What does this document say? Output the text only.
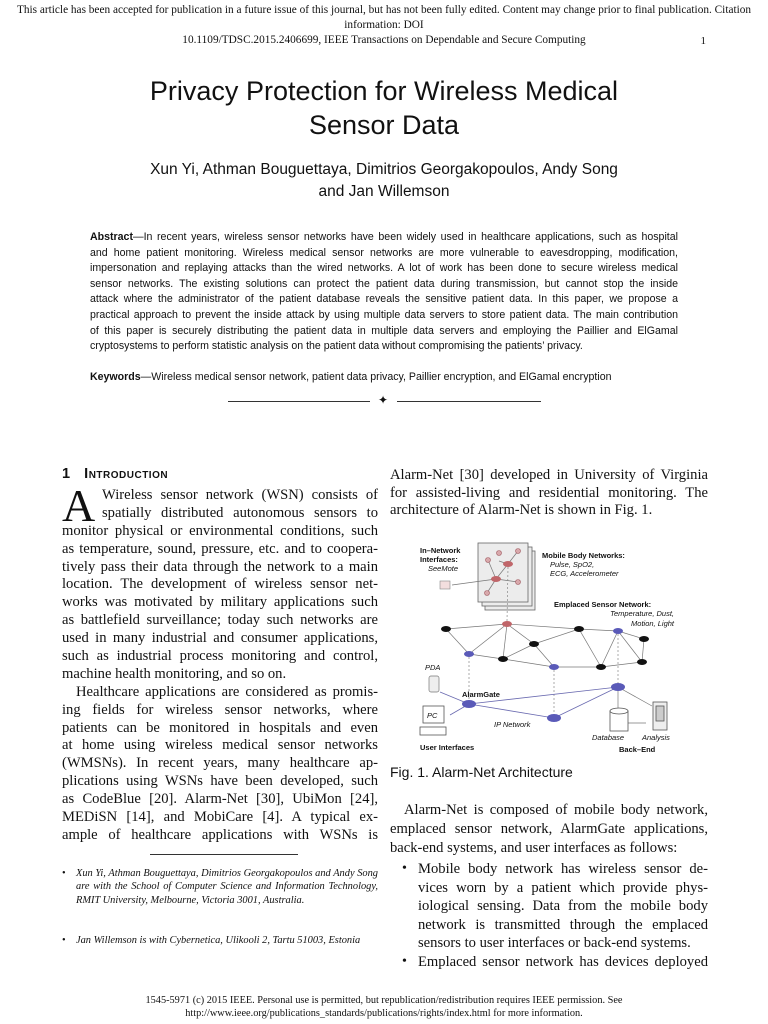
This article has been accepted for publication in a future issue of this journal, but has not been fully edited. Content may change prior to final publication. Citation information: DOI
10.1109/TDSC.2015.2406699, IEEE Transactions on Dependable and Secure Computing	1
Privacy Protection for Wireless Medical
Sensor Data
Xun Yi, Athman Bouguettaya, Dimitrios Georgakopoulos, Andy Song
and Jan Willemson
Abstract—In recent years, wireless sensor networks have been widely used in healthcare applications, such as hospital
and home patient monitoring. Wireless medical sensor networks are more vulnerable to eavesdropping, modification,
impersonation and replaying attacks than the wired networks. A lot of work has been done to secure wireless medical
sensor networks. The existing solutions can protect the patient data during transmission, but cannot stop the inside
attack where the administrator of the patient database reveals the sensitive patient data. In this paper, we propose a
practical approach to prevent the inside attack by using multiple data servers to store patient data. The main contribution
of this paper is securely distributing the patient data in multiple data servers and employing the Paillier and ElGamal
cryptosystems to perform statistic analysis on the patient data without compromising the patients’ privacy.
Keywords—Wireless medical sensor network, patient data privacy, Paillier encryption, and ElGamal encryption
✦
1 Introduction
A Wireless sensor network (WSN) consists of
spatially distributed autonomous sensors to
monitor physical or environmental conditions, such
as temperature, sound, pressure, etc. and to coopera-
tively pass their data through the network to a main
location. The development of wireless sensor net-
works was motivated by military applications such
as battlefield surveillance; today such networks are
used in many industrial and consumer applications,
such as industrial process monitoring and control,
machine health monitoring, and so on.
Healthcare applications are considered as promis-
ing fields for wireless sensor networks, where
patients can be monitored in hospitals and even
at home using wireless medical sensor networks
(WMSNs). In recent years, many healthcare ap-
plications using WSNs have been developed, such
as CodeBlue [20]. Alarm-Net [30], UbiMon [24],
MEDiSN [14], and MobiCare [4]. A typical ex-
ample of healthcare applications with WSNs is
• Xun Yi, Athman Bouguettaya, Dimitrios Georgakopoulos and Andy Song are with the School of Computer Science and Information Technology, RMIT University, Melbourne, Victoria 3001, Australia.
• Jan Willemson is with Cybernetica, Ulikooli 2, Tartu 51003, Estonia
Alarm-Net [30] developed in University of Virginia
for assisted-living and residential monitoring. The
architecture of Alarm-Net is shown in Fig. 1.
In–Network
Interfaces:
SeeMote
Mobile Body Networks:
Pulse, SpO2,
ECG, Accelerometer
Emplaced Sensor Network:
Temperature, Dust,
Motion, Light
PDA
AlarmGate
PC
IP Network
User Interfaces
Database Analysis
Back–End
Fig. 1. Alarm-Net Architecture
Alarm-Net is composed of mobile body network,
emplaced sensor network, AlarmGate applications,
back-end systems, and user interfaces as follows:
• Mobile body network has wireless sensor de-
vices worn by a patient which provide phys-
iological sensing. Data from the mobile body
network is transmitted through the emplaced
sensors to user interfaces or back-end systems.
• Emplaced sensor network has devices deployed
1545-5971 (c) 2015 IEEE. Personal use is permitted, but republication/redistribution requires IEEE permission. See
http://www.ieee.org/publications_standards/publications/rights/index.html for more information.
